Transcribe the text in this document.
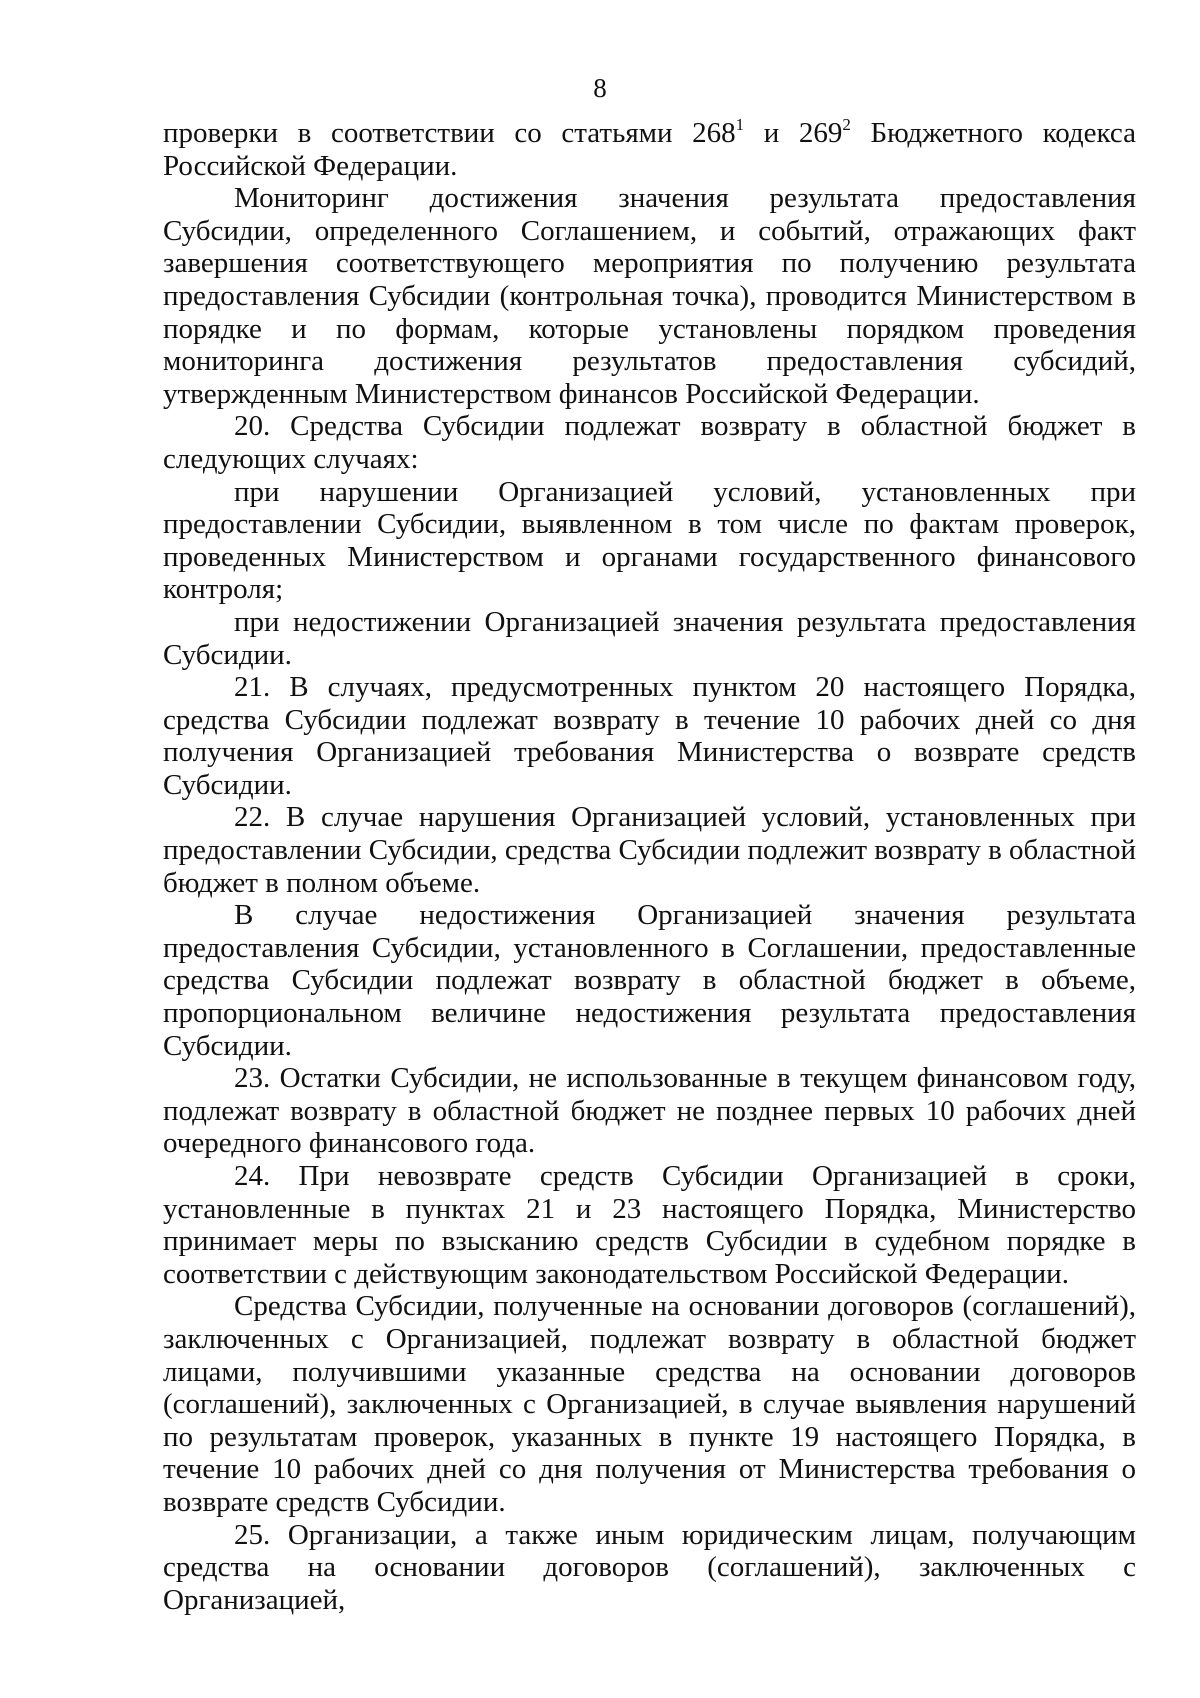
8

проверки в соответствии со статьями $268^1$ и $269^2$ Бюджетного кодекса Российской Федерации.

Мониторинг достижения значения результата предоставления Субсидии, определенного Соглашением, и событий, отражающих факт завершения соответствующего мероприятия по получению результата предоставления Субсидии (контрольная точка), проводится Министерством в порядке и по формам, которые установлены порядком проведения мониторинга достижения результатов предоставления субсидий, утвержденным Министерством финансов Российской Федерации.

20. Средства Субсидии подлежат возврату в областной бюджет в следующих случаях:

при нарушении Организацией условий, установленных при предоставлении Субсидии, выявленном в том числе по фактам проверок, проведенных Министерством и органами государственного финансового контроля;

при недостижении Организацией значения результата предоставления Субсидии.

21. В случаях, предусмотренных пунктом 20 настоящего Порядка, средства Субсидии подлежат возврату в течение 10 рабочих дней со дня получения Организацией требования Министерства о возврате средств Субсидии.

22. В случае нарушения Организацией условий, установленных при предоставлении Субсидии, средства Субсидии подлежит возврату в областной бюджет в полном объеме.

В случае недостижения Организацией значения результата предоставления Субсидии, установленного в Соглашении, предоставленные средства Субсидии подлежат возврату в областной бюджет в объеме, пропорциональном величине недостижения результата предоставления Субсидии.

23. Остатки Субсидии, не использованные в текущем финансовом году, подлежат возврату в областной бюджет не позднее первых 10 рабочих дней очередного финансового года.

24. При невозврате средств Субсидии Организацией в сроки, установленные в пунктах 21 и 23 настоящего Порядка, Министерство принимает меры по взысканию средств Субсидии в судебном порядке в соответствии с действующим законодательством Российской Федерации.

Средства Субсидии, полученные на основании договоров (соглашений), заключенных с Организацией, подлежат возврату в областной бюджет лицами, получившими указанные средства на основании договоров (соглашений), заключенных с Организацией, в случае выявления нарушений по результатам проверок, указанных в пункте 19 настоящего Порядка, в течение 10 рабочих дней со дня получения от Министерства требования о возврате средств Субсидии.

25. Организации, а также иным юридическим лицам, получающим средства на основании договоров (соглашений), заключенных с Организацией,
